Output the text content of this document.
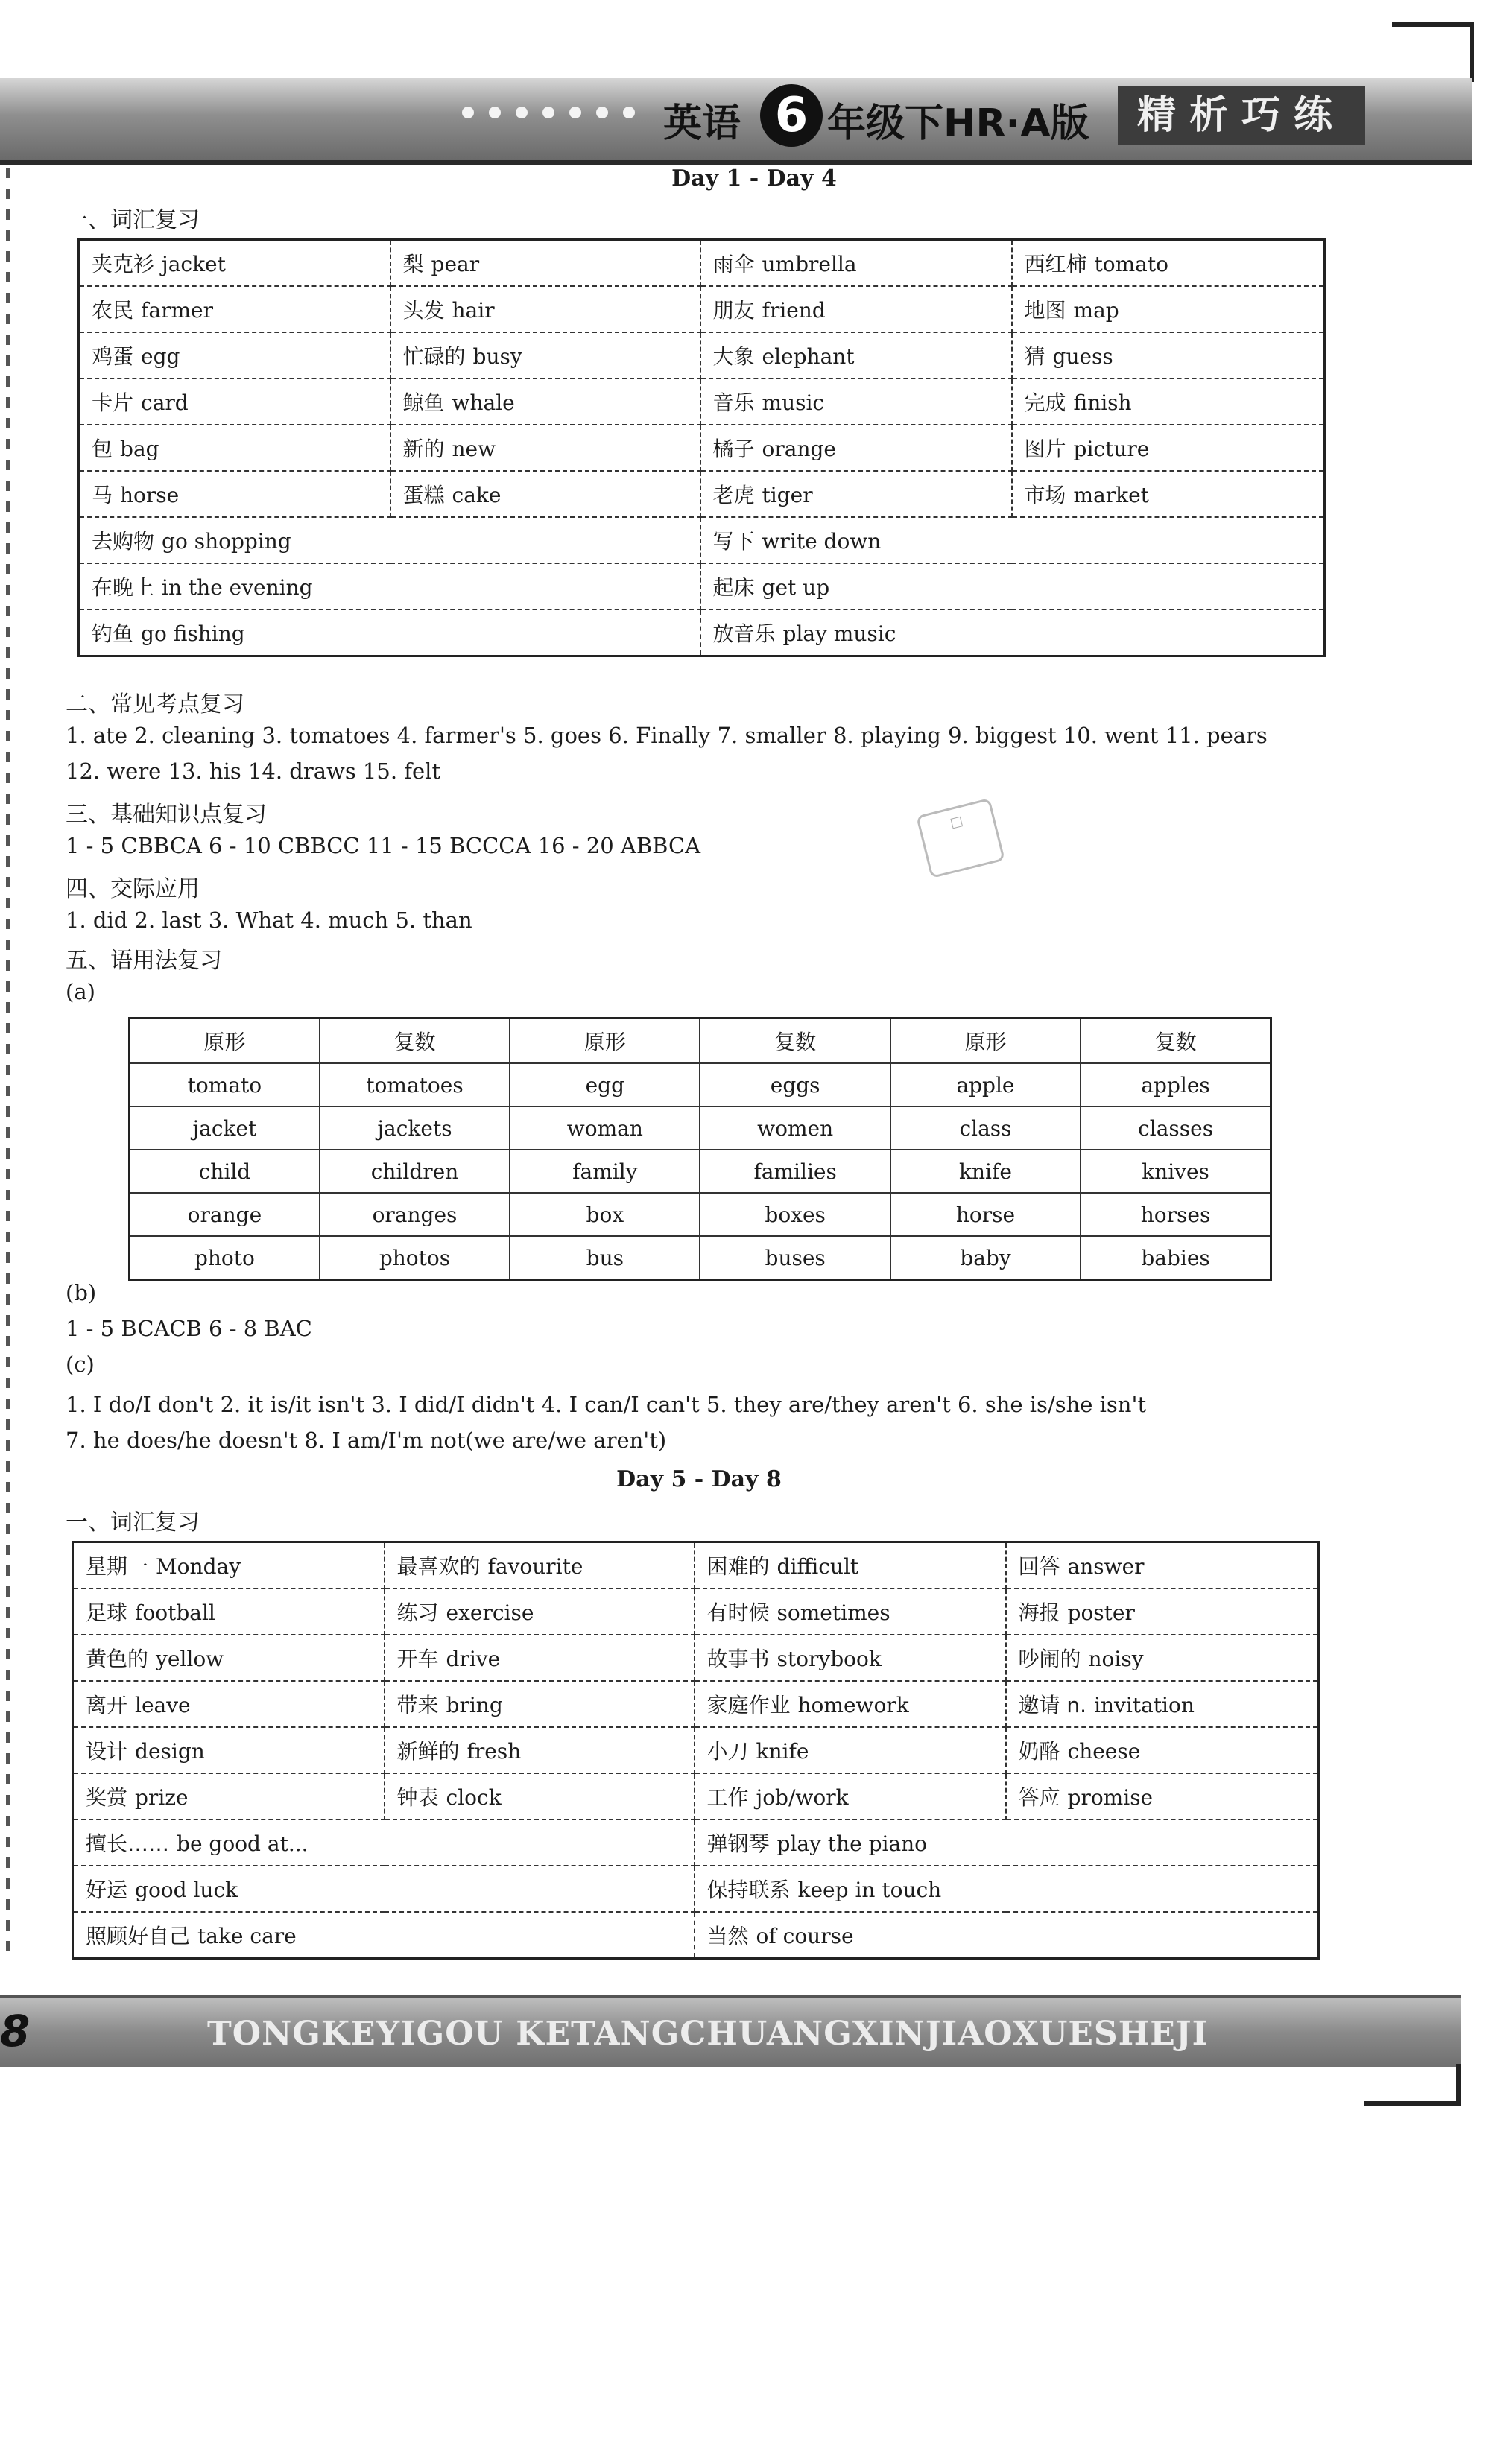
英语 6 年级下HR·A版	精析巧练
Day 1 - Day 4
一、词汇复习
夹克衫 jacket	梨 pear	雨伞 umbrella	西红柿 tomato
农民 farmer	头发 hair	朋友 friend	地图 map
鸡蛋 egg	忙碌的 busy	大象 elephant	猜 guess
卡片 card	鲸鱼 whale	音乐 music	完成 finish
包 bag	新的 new	橘子 orange	图片 picture
马 horse	蛋糕 cake	老虎 tiger	市场 market
去购物 go shopping		写下 write down	
在晚上 in the evening		起床 get up	
钓鱼 go fishing		放音乐 play music	
二、常见考点复习
1. ate 2. cleaning 3. tomatoes 4. farmer's 5. goes 6. Finally 7. smaller 8. playing 9. biggest 10. went 11. pears
12. were 13. his 14. draws 15. felt
三、基础知识点复习
1 - 5 CBBCA 6 - 10 CBBCC 11 - 15 BCCCA 16 - 20 ABBCA
□
四、交际应用
1. did 2. last 3. What 4. much 5. than
五、语用法复习
(a)
原形	复数	原形	复数	原形	复数
tomato	tomatoes	egg	eggs	apple	apples
jacket	jackets	woman	women	class	classes
child	children	family	families	knife	knives
orange	oranges	box	boxes	horse	horses
photo	photos	bus	buses	baby	babies
(b)
1 - 5 BCACB 6 - 8 BAC
(c)
1. I do/I don't 2. it is/it isn't 3. I did/I didn't 4. I can/I can't 5. they are/they aren't 6. she is/she isn't
7. he does/he doesn't 8. I am/I'm not(we are/we aren't)
Day 5 - Day 8
一、词汇复习
星期一 Monday	最喜欢的 favourite	困难的 difficult	回答 answer
足球 football	练习 exercise	有时候 sometimes	海报 poster
黄色的 yellow	开车 drive	故事书 storybook	吵闹的 noisy
离开 leave	带来 bring	家庭作业 homework	邀请 n. invitation
设计 design	新鲜的 fresh	小刀 knife	奶酪 cheese
奖赏 prize	钟表 clock	工作 job/work	答应 promise
擅长…… be good at...		弹钢琴 play the piano	
好运 good luck		保持联系 keep in touch	
照顾好自己 take care		当然 of course	
8	TONGKEYIGOU KETANGCHUANGXINJIAOXUESHEJI
